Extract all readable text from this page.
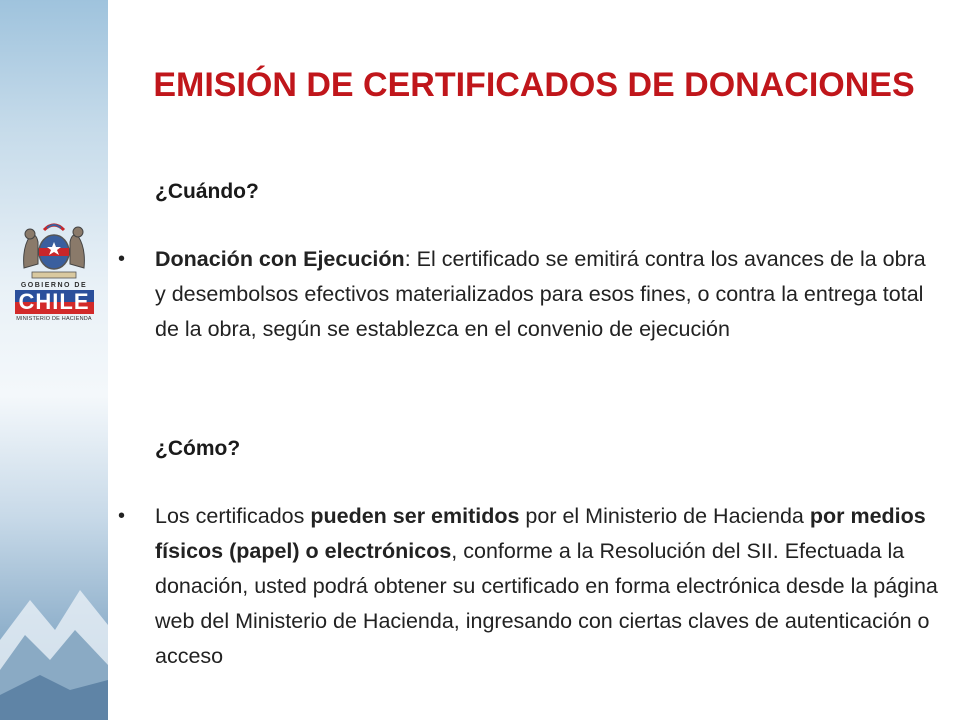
GOBIERNO DE
CHILE
MINISTERIO DE HACIENDA
EMISIÓN DE CERTIFICADOS DE DONACIONES
¿Cuándo?
•	Donación con Ejecución: El certificado se emitirá contra los avances de la obra y desembolsos efectivos materializados para esos fines, o contra la entrega total de la obra, según se establezca en el convenio de ejecución
¿Cómo?
•	Los certificados pueden ser emitidos por el Ministerio de Hacienda por medios físicos (papel) o electrónicos, conforme a la Resolución del SII. Efectuada la donación, usted podrá obtener su certificado en forma electrónica desde la página web del Ministerio de Hacienda, ingresando con ciertas claves de autenticación o acceso
